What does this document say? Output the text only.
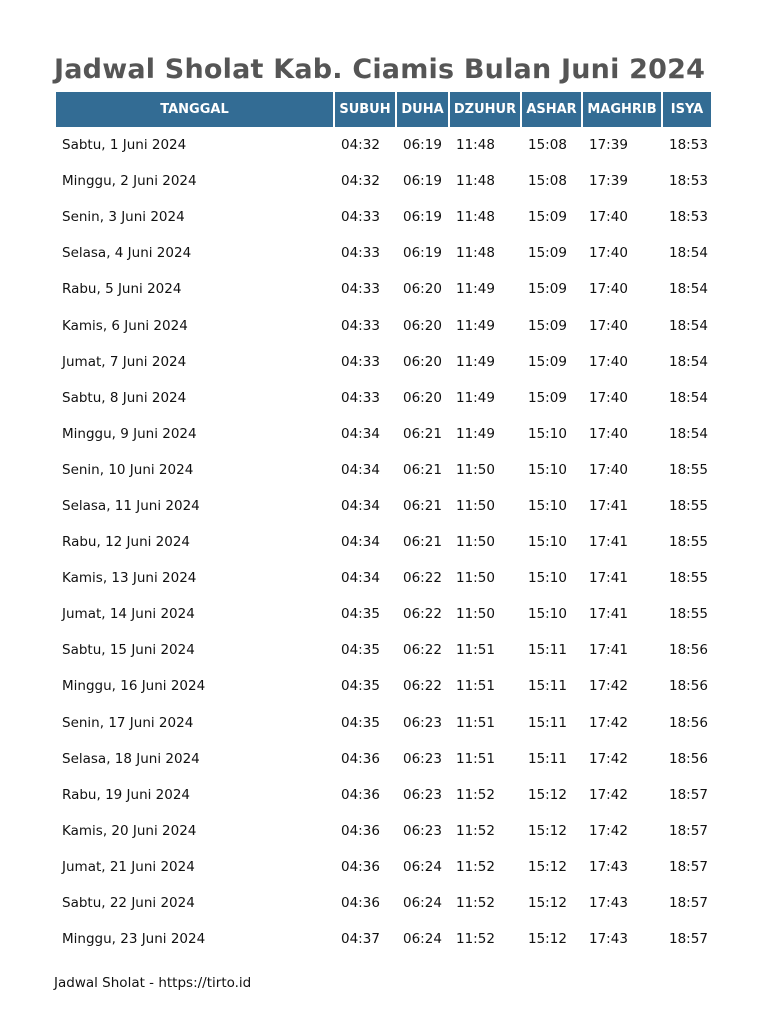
Jadwal Sholat Kab. Ciamis Bulan Juni 2024
TANGGAL	SUBUH	DUHA	DZUHUR	ASHAR	MAGHRIB	ISYA
Sabtu, 1 Juni 2024	04:32	06:19	11:48	15:08	17:39	18:53
Minggu, 2 Juni 2024	04:32	06:19	11:48	15:08	17:39	18:53
Senin, 3 Juni 2024	04:33	06:19	11:48	15:09	17:40	18:53
Selasa, 4 Juni 2024	04:33	06:19	11:48	15:09	17:40	18:54
Rabu, 5 Juni 2024	04:33	06:20	11:49	15:09	17:40	18:54
Kamis, 6 Juni 2024	04:33	06:20	11:49	15:09	17:40	18:54
Jumat, 7 Juni 2024	04:33	06:20	11:49	15:09	17:40	18:54
Sabtu, 8 Juni 2024	04:33	06:20	11:49	15:09	17:40	18:54
Minggu, 9 Juni 2024	04:34	06:21	11:49	15:10	17:40	18:54
Senin, 10 Juni 2024	04:34	06:21	11:50	15:10	17:40	18:55
Selasa, 11 Juni 2024	04:34	06:21	11:50	15:10	17:41	18:55
Rabu, 12 Juni 2024	04:34	06:21	11:50	15:10	17:41	18:55
Kamis, 13 Juni 2024	04:34	06:22	11:50	15:10	17:41	18:55
Jumat, 14 Juni 2024	04:35	06:22	11:50	15:10	17:41	18:55
Sabtu, 15 Juni 2024	04:35	06:22	11:51	15:11	17:41	18:56
Minggu, 16 Juni 2024	04:35	06:22	11:51	15:11	17:42	18:56
Senin, 17 Juni 2024	04:35	06:23	11:51	15:11	17:42	18:56
Selasa, 18 Juni 2024	04:36	06:23	11:51	15:11	17:42	18:56
Rabu, 19 Juni 2024	04:36	06:23	11:52	15:12	17:42	18:57
Kamis, 20 Juni 2024	04:36	06:23	11:52	15:12	17:42	18:57
Jumat, 21 Juni 2024	04:36	06:24	11:52	15:12	17:43	18:57
Sabtu, 22 Juni 2024	04:36	06:24	11:52	15:12	17:43	18:57
Minggu, 23 Juni 2024	04:37	06:24	11:52	15:12	17:43	18:57
Jadwal Sholat - https://tirto.id
